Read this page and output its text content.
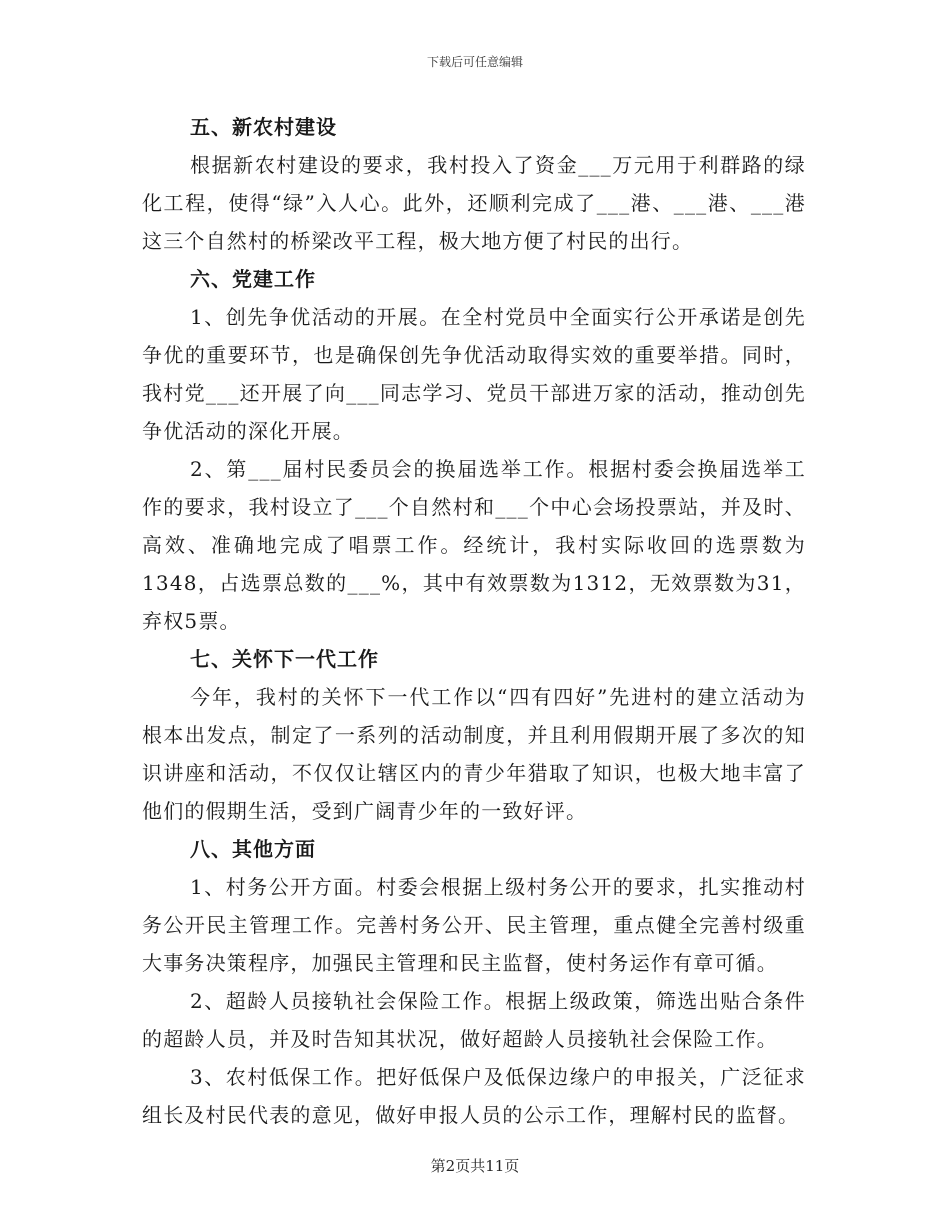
下载后可任意编辑

五、新农村建设

根据新农村建设的要求，我村投入了资金___万元用于利群路的绿化工程，使得“绿”入人心。此外，还顺利完成了___港、___港、___港这三个自然村的桥梁改平工程，极大地方便了村民的出行。

六、党建工作

1、创先争优活动的开展。在全村党员中全面实行公开承诺是创先争优的重要环节，也是确保创先争优活动取得实效的重要举措。同时，我村党___还开展了向___同志学习、党员干部进万家的活动，推动创先争优活动的深化开展。

2、第___届村民委员会的换届选举工作。根据村委会换届选举工作的要求，我村设立了___个自然村和___个中心会场投票站，并及时、高效、准确地完成了唱票工作。经统计，我村实际收回的选票数为1348，占选票总数的___%，其中有效票数为1312，无效票数为31，弃权5票。

七、关怀下一代工作

今年，我村的关怀下一代工作以“四有四好”先进村的建立活动为根本出发点，制定了一系列的活动制度，并且利用假期开展了多次的知识讲座和活动，不仅仅让辖区内的青少年猎取了知识，也极大地丰富了他们的假期生活，受到广阔青少年的一致好评。

八、其他方面

1、村务公开方面。村委会根据上级村务公开的要求，扎实推动村务公开民主管理工作。完善村务公开、民主管理，重点健全完善村级重大事务决策程序，加强民主管理和民主监督，使村务运作有章可循。

2、超龄人员接轨社会保险工作。根据上级政策，筛选出贴合条件的超龄人员，并及时告知其状况，做好超龄人员接轨社会保险工作。

3、农村低保工作。把好低保户及低保边缘户的申报关，广泛征求组长及村民代表的意见，做好申报人员的公示工作，理解村民的监督。

第2页共11页
